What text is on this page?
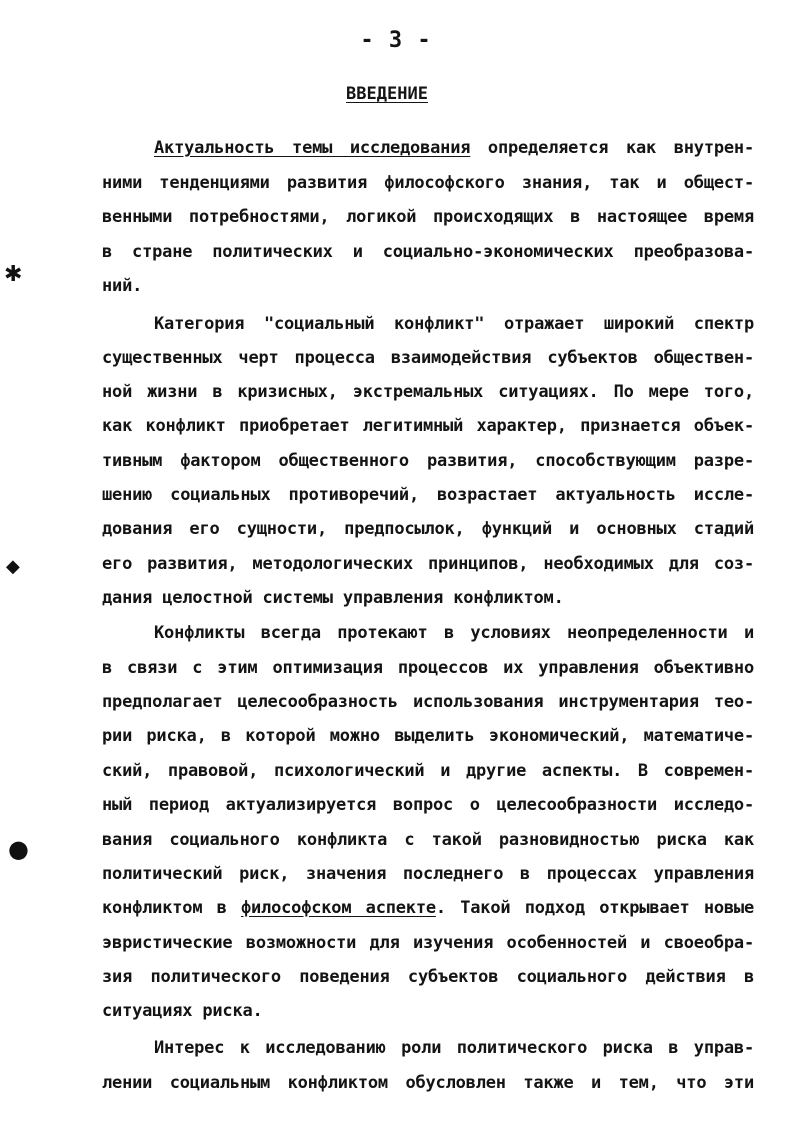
- 3 -
ВВЕДЕНИЕ
✱
◆
●
Актуальность темы исследования определяется как внутрен-
ними тенденциями развития философского знания, так и общест-
венными потребностями, логикой происходящих в настоящее время
в стране политических и социально-экономических преобразова-
ний.
Категория "социальный конфликт" отражает широкий спектр
существенных черт процесса взаимодействия субъектов обществен-
ной жизни в кризисных, экстремальных ситуациях. По мере того,
как конфликт приобретает легитимный характер, признается объек-
тивным фактором общественного развития, способствующим разре-
шению социальных противоречий, возрастает актуальность иссле-
дования его сущности, предпосылок, функций и основных стадий
его развития, методологических принципов, необходимых для соз-
дания целостной системы управления конфликтом.
Конфликты всегда протекают в условиях неопределенности и
в связи с этим оптимизация процессов их управления объективно
предполагает целесообразность использования инструментария тео-
рии риска, в которой можно выделить экономический, математиче-
ский, правовой, психологический и другие аспекты. В современ-
ный период актуализируется вопрос о целесообразности исследо-
вания социального конфликта с такой разновидностью риска как
политический риск, значения последнего в процессах управления
конфликтом в философском аспекте. Такой подход открывает новые
эвристические возможности для изучения особенностей и своеобра-
зия политического поведения субъектов социального действия в
ситуациях риска.
Интерес к исследованию роли политического риска в управ-
лении социальным конфликтом обусловлен также и тем, что эти
